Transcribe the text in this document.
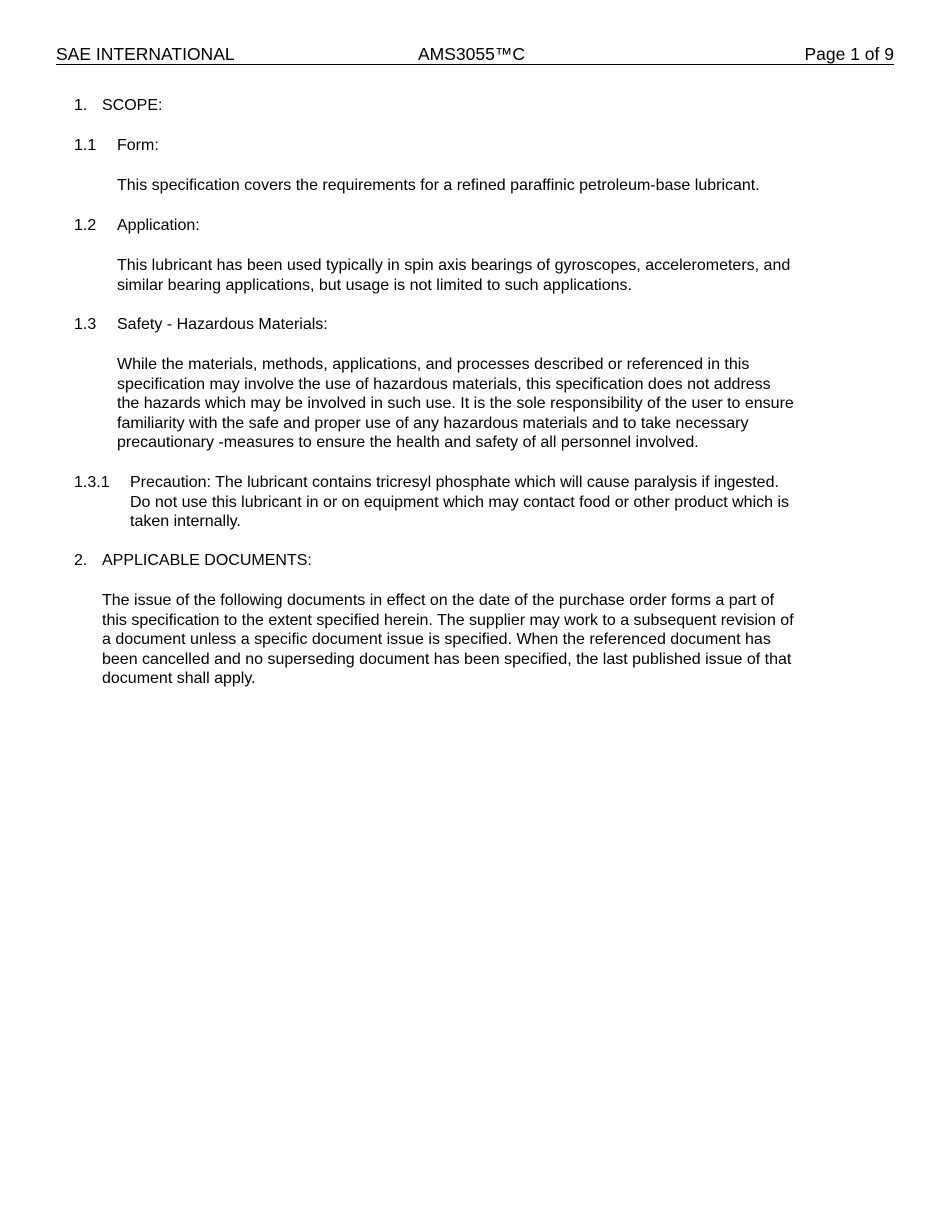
SAE INTERNATIONAL	AMS3055™C	Page 1 of 9
1. SCOPE:
1.1 Form:
This specification covers the requirements for a refined paraffinic petroleum-base lubricant.
1.2 Application:
This lubricant has been used typically in spin axis bearings of gyroscopes, accelerometers, and
similar bearing applications, but usage is not limited to such applications.
1.3 Safety - Hazardous Materials:
While the materials, methods, applications, and processes described or referenced in this
specification may involve the use of hazardous materials, this specification does not address
the hazards which may be involved in such use. It is the sole responsibility of the user to ensure
familiarity with the safe and proper use of any hazardous materials and to take necessary
precautionary -measures to ensure the health and safety of all personnel involved.
1.3.1 Precaution: The lubricant contains tricresyl phosphate which will cause paralysis if ingested.
Do not use this lubricant in or on equipment which may contact food or other product which is
taken internally.
2. APPLICABLE DOCUMENTS:
The issue of the following documents in effect on the date of the purchase order forms a part of
this specification to the extent specified herein. The supplier may work to a subsequent revision of
a document unless a specific document issue is specified. When the referenced document has
been cancelled and no superseding document has been specified, the last published issue of that
document shall apply.
